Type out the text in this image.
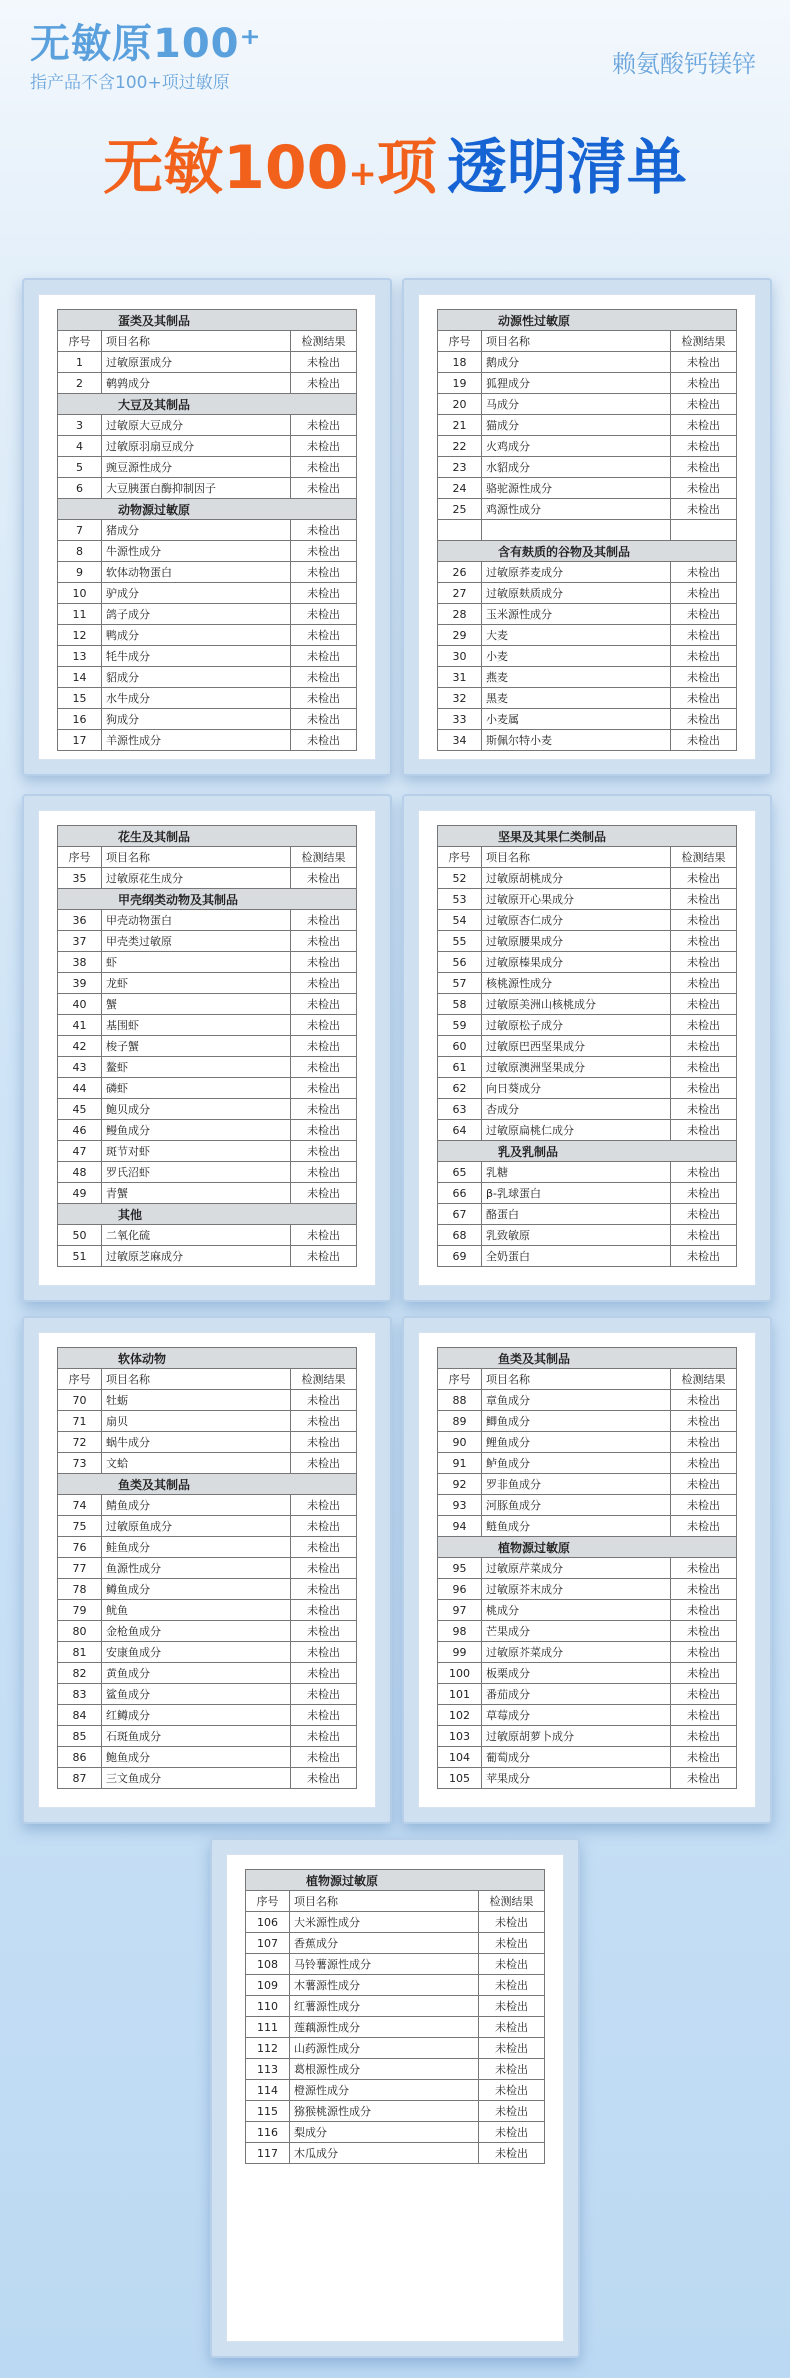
无敏原100⁺
指产品不含100+项过敏原
赖氨酸钙镁锌
无敏100+项 透明清单
蛋类及其制品		
序号	项目名称	检测结果
1	过敏原蛋成分	未检出
2	鹌鹑成分	未检出
大豆及其制品		
3	过敏原大豆成分	未检出
4	过敏原羽扇豆成分	未检出
5	豌豆源性成分	未检出
6	大豆胰蛋白酶抑制因子	未检出
动物源过敏原		
7	猪成分	未检出
8	牛源性成分	未检出
9	软体动物蛋白	未检出
10	驴成分	未检出
11	鸽子成分	未检出
12	鸭成分	未检出
13	牦牛成分	未检出
14	貂成分	未检出
15	水牛成分	未检出
16	狗成分	未检出
17	羊源性成分	未检出
动源性过敏原		
序号	项目名称	检测结果
18	鹅成分	未检出
19	狐狸成分	未检出
20	马成分	未检出
21	猫成分	未检出
22	火鸡成分	未检出
23	水貂成分	未检出
24	骆驼源性成分	未检出
25	鸡源性成分	未检出

含有麸质的谷物及其制品		
26	过敏原荞麦成分	未检出
27	过敏原麸质成分	未检出
28	玉米源性成分	未检出
29	大麦	未检出
30	小麦	未检出
31	燕麦	未检出
32	黑麦	未检出
33	小麦属	未检出
34	斯佩尔特小麦	未检出
花生及其制品		
序号	项目名称	检测结果
35	过敏原花生成分	未检出
甲壳纲类动物及其制品		
36	甲壳动物蛋白	未检出
37	甲壳类过敏原	未检出
38	虾	未检出
39	龙虾	未检出
40	蟹	未检出
41	基围虾	未检出
42	梭子蟹	未检出
43	鳌虾	未检出
44	磷虾	未检出
45	鲍贝成分	未检出
46	鳗鱼成分	未检出
47	斑节对虾	未检出
48	罗氏沼虾	未检出
49	青蟹	未检出
其他		
50	二氧化硫	未检出
51	过敏原芝麻成分	未检出
坚果及其果仁类制品		
序号	项目名称	检测结果
52	过敏原胡桃成分	未检出
53	过敏原开心果成分	未检出
54	过敏原杏仁成分	未检出
55	过敏原腰果成分	未检出
56	过敏原榛果成分	未检出
57	核桃源性成分	未检出
58	过敏原美洲山核桃成分	未检出
59	过敏原松子成分	未检出
60	过敏原巴西坚果成分	未检出
61	过敏原澳洲坚果成分	未检出
62	向日葵成分	未检出
63	杏成分	未检出
64	过敏原扁桃仁成分	未检出
乳及乳制品		
65	乳糖	未检出
66	β-乳球蛋白	未检出
67	酪蛋白	未检出
68	乳致敏原	未检出
69	全奶蛋白	未检出
软体动物		
序号	项目名称	检测结果
70	牡蛎	未检出
71	扇贝	未检出
72	蜗牛成分	未检出
73	文蛤	未检出
鱼类及其制品		
74	鲭鱼成分	未检出
75	过敏原鱼成分	未检出
76	鲑鱼成分	未检出
77	鱼源性成分	未检出
78	鳟鱼成分	未检出
79	鱿鱼	未检出
80	金枪鱼成分	未检出
81	安康鱼成分	未检出
82	黄鱼成分	未检出
83	鲨鱼成分	未检出
84	红鳟成分	未检出
85	石斑鱼成分	未检出
86	鲍鱼成分	未检出
87	三文鱼成分	未检出
鱼类及其制品		
序号	项目名称	检测结果
88	章鱼成分	未检出
89	鲫鱼成分	未检出
90	鲤鱼成分	未检出
91	鲈鱼成分	未检出
92	罗非鱼成分	未检出
93	河豚鱼成分	未检出
94	鲢鱼成分	未检出
植物源过敏原		
95	过敏原芹菜成分	未检出
96	过敏原芥末成分	未检出
97	桃成分	未检出
98	芒果成分	未检出
99	过敏原芥菜成分	未检出
100	板栗成分	未检出
101	番茄成分	未检出
102	草莓成分	未检出
103	过敏原胡萝卜成分	未检出
104	葡萄成分	未检出
105	苹果成分	未检出
植物源过敏原		
序号	项目名称	检测结果
106	大米源性成分	未检出
107	香蕉成分	未检出
108	马铃薯源性成分	未检出
109	木薯源性成分	未检出
110	红薯源性成分	未检出
111	莲藕源性成分	未检出
112	山药源性成分	未检出
113	葛根源性成分	未检出
114	橙源性成分	未检出
115	猕猴桃源性成分	未检出
116	梨成分	未检出
117	木瓜成分	未检出
